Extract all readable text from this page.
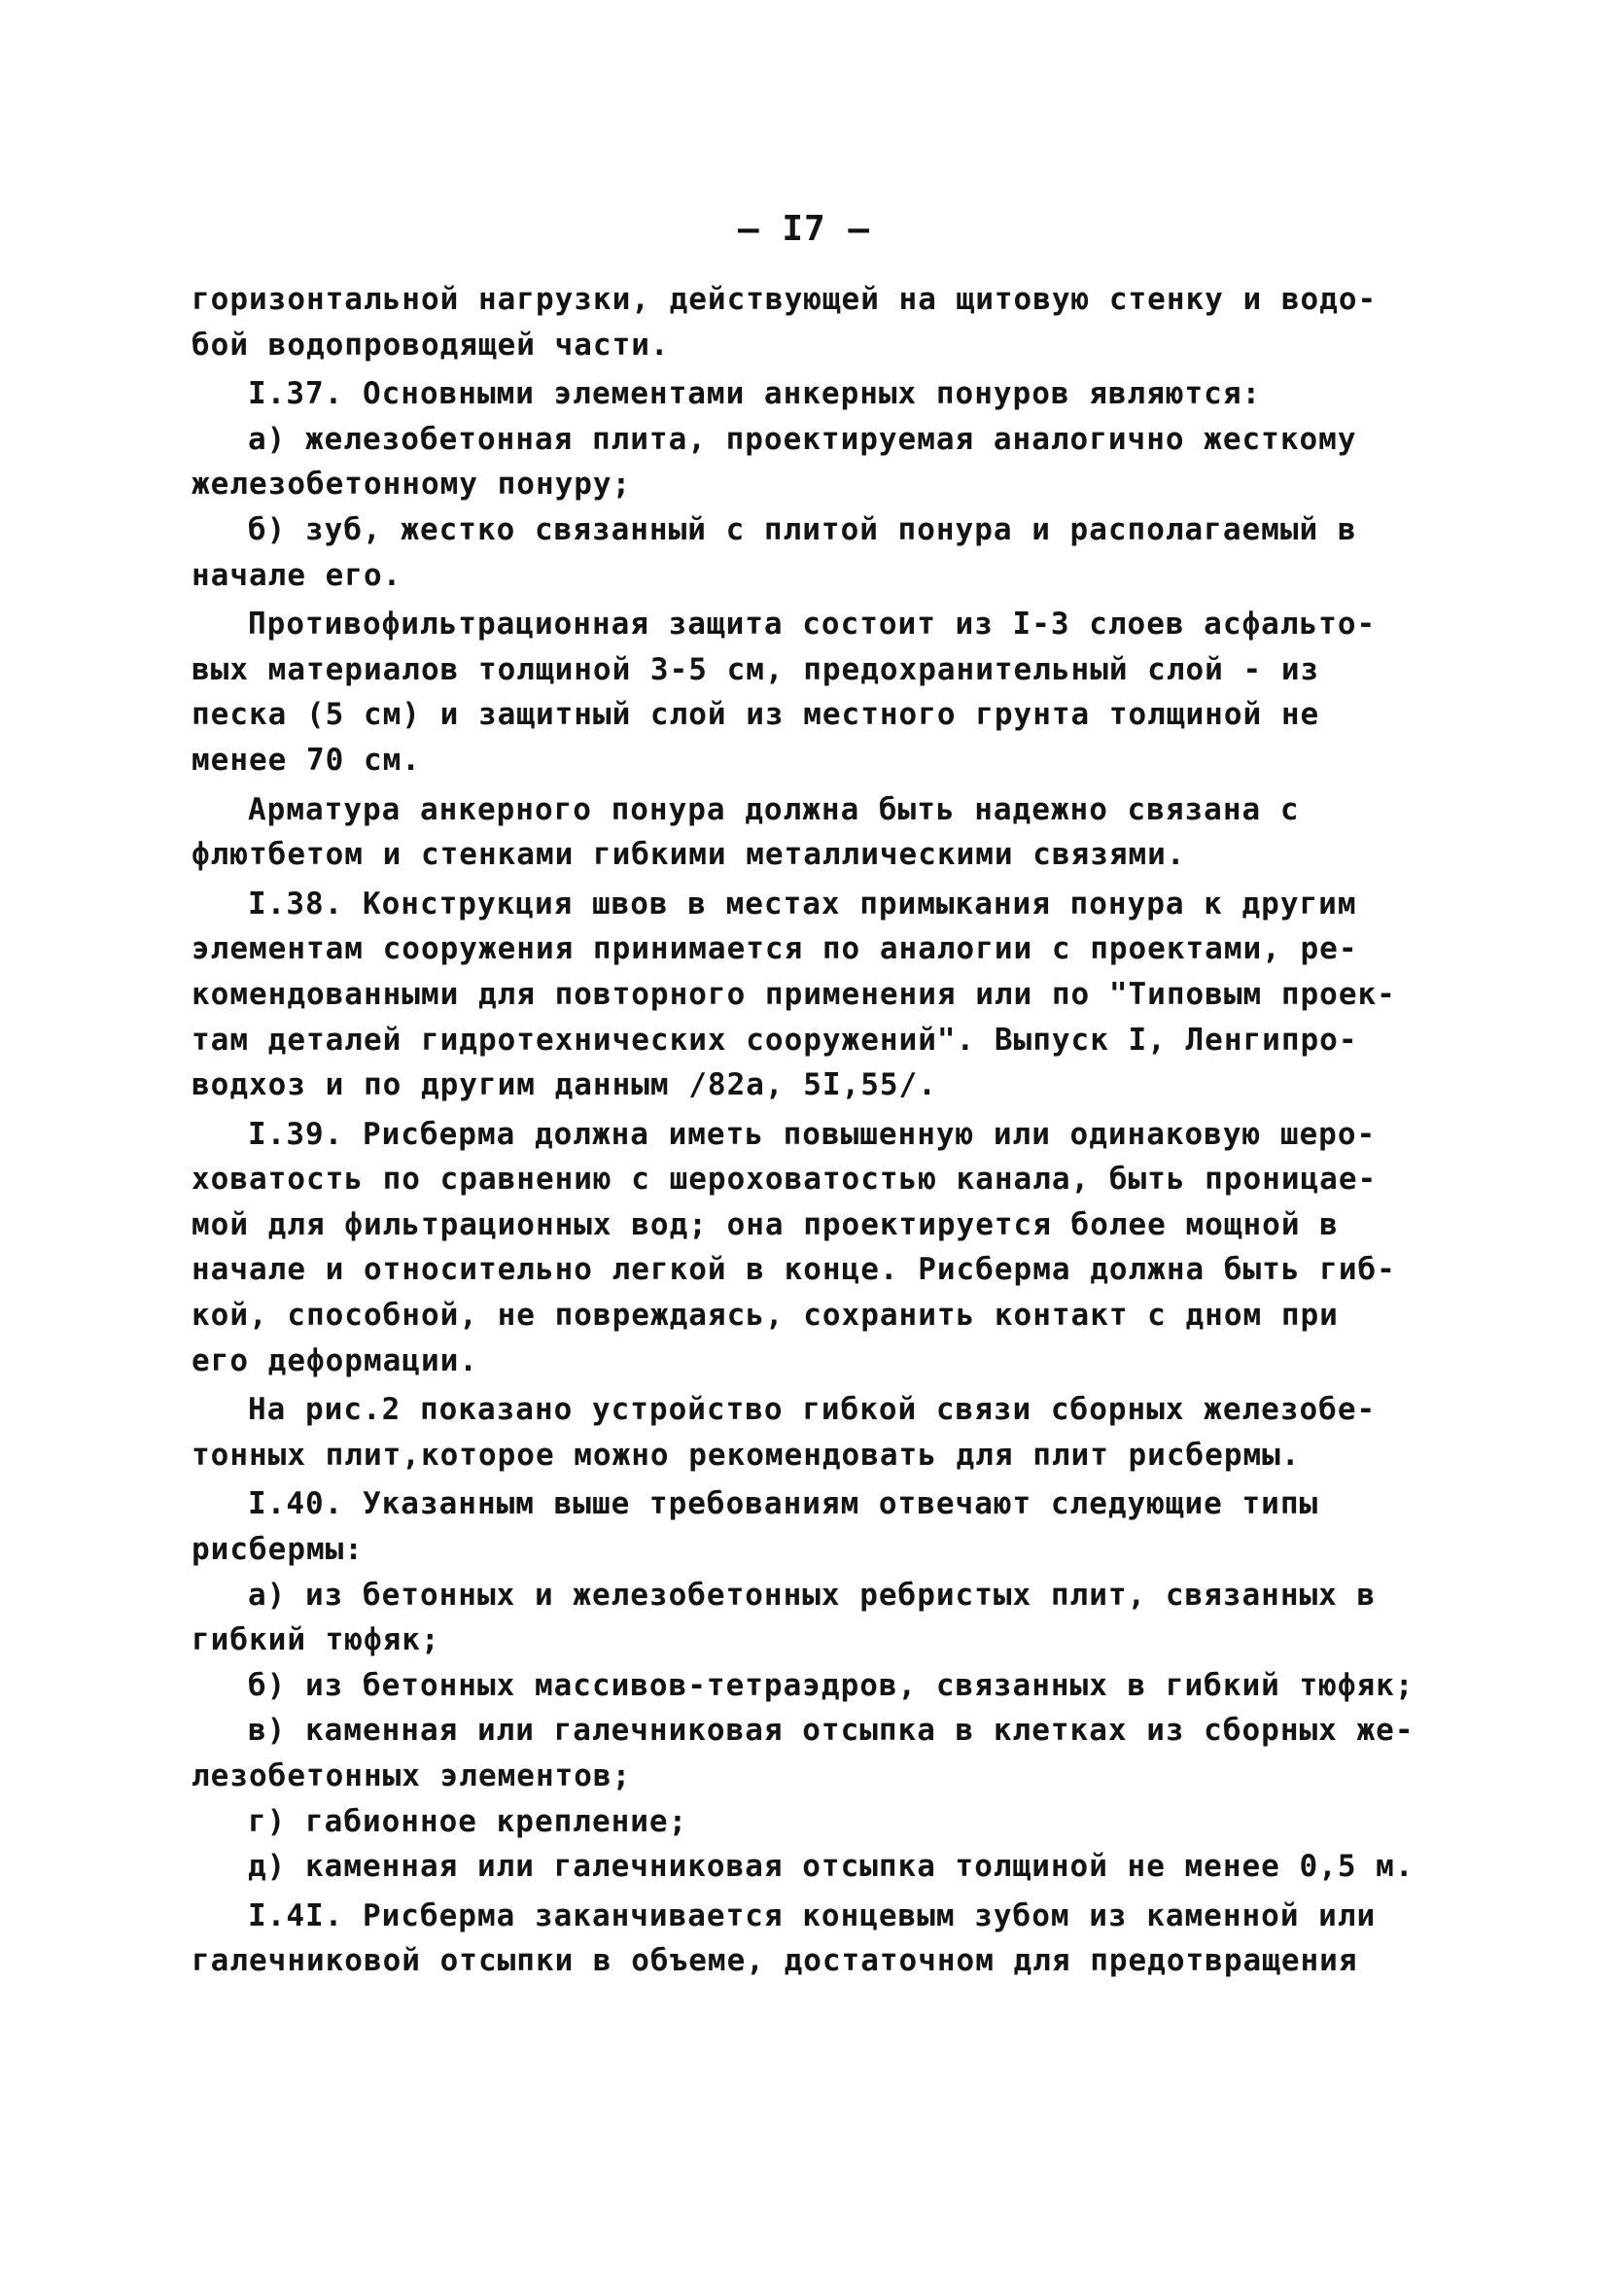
— I7 —
горизонтальной нагрузки, действующей на щитовую стенку и водо-
бой водопроводящей части.
I.37. Основными элементами анкерных понуров являются:
а) железобетонная плита, проектируемая аналогично жесткому
железобетонному понуру;
б) зуб, жестко связанный с плитой понура и располагаемый в
начале его.
Противофильтрационная защита состоит из I-3 слоев асфальто-
вых материалов толщиной 3-5 см, предохранительный слой - из
песка (5 см) и защитный слой из местного грунта толщиной не
менее 70 см.
Арматура анкерного понура должна быть надежно связана с
флютбетом и стенками гибкими металлическими связями.
I.38. Конструкция швов в местах примыкания понура к другим
элементам сооружения принимается по аналогии с проектами, ре-
комендованными для повторного применения или по "Типовым проек-
там деталей гидротехнических сооружений". Выпуск I, Ленгипро-
водхоз и по другим данным /82а, 5I,55/.
I.39. Рисберма должна иметь повышенную или одинаковую шеро-
ховатость по сравнению с шероховатостью канала, быть проницае-
мой для фильтрационных вод; она проектируется более мощной в
начале и относительно легкой в конце. Рисберма должна быть гиб-
кой, способной, не повреждаясь, сохранить контакт с дном при
его деформации.
На рис.2 показано устройство гибкой связи сборных железобе-
тонных плит,которое можно рекомендовать для плит рисбермы.
I.40. Указанным выше требованиям отвечают следующие типы
рисбермы:
а) из бетонных и железобетонных ребристых плит, связанных в
гибкий тюфяк;
б) из бетонных массивов-тетраэдров, связанных в гибкий тюфяк;
в) каменная или галечниковая отсыпка в клетках из сборных же-
лезобетонных элементов;
г) габионное крепление;
д) каменная или галечниковая отсыпка толщиной не менее 0,5 м.
I.4I. Рисберма заканчивается концевым зубом из каменной или
галечниковой отсыпки в объеме, достаточном для предотвращения
